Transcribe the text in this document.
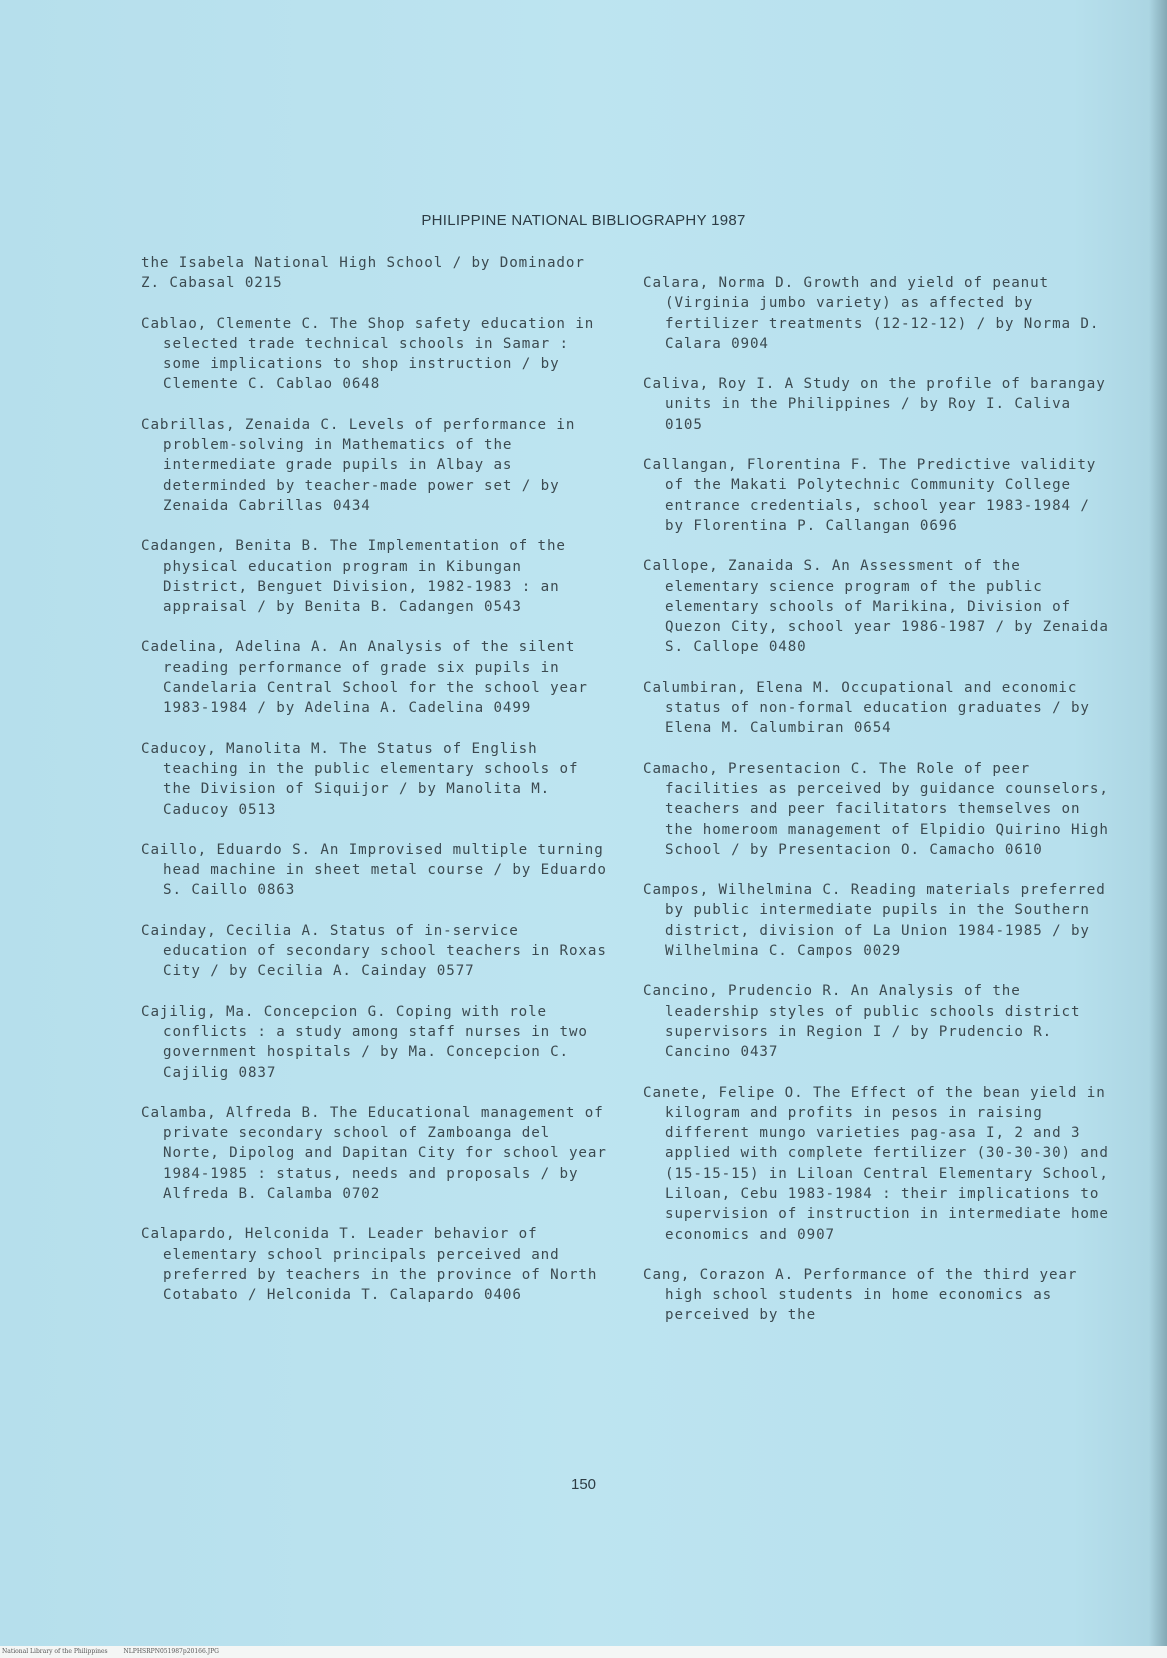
PHILIPPINE NATIONAL BIBLIOGRAPHY 1987

the Isabela National High School / by Dominador Z. Cabasal 0215

Cablao, Clemente C. The Shop safety education in selected trade technical schools in Samar : some implications to shop instruction / by Clemente C. Cablao 0648

Cabrillas, Zenaida C. Levels of performance in problem-solving in Mathematics of the intermediate grade pupils in Albay as determinded by teacher-made power set / by Zenaida Cabrillas 0434

Cadangen, Benita B. The Implementation of the physical education program in Kibungan District, Benguet Division, 1982-1983 : an appraisal / by Benita B. Cadangen 0543

Cadelina, Adelina A. An Analysis of the silent reading performance of grade six pupils in Candelaria Central School for the school year 1983-1984 / by Adelina A. Cadelina 0499

Caducoy, Manolita M. The Status of English teaching in the public elementary schools of the Division of Siquijor / by Manolita M. Caducoy 0513

Caillo, Eduardo S. An Improvised multiple turning head machine in sheet metal course / by Eduardo S. Caillo 0863

Cainday, Cecilia A. Status of in-service education of secondary school teachers in Roxas City / by Cecilia A. Cainday 0577

Cajilig, Ma. Concepcion G. Coping with role conflicts : a study among staff nurses in two government hospitals / by Ma. Concepcion C. Cajilig 0837

Calamba, Alfreda B. The Educational management of private secondary school of Zamboanga del Norte, Dipolog and Dapitan City for school year 1984-1985 : status, needs and proposals / by Alfreda B. Calamba 0702

Calapardo, Helconida T. Leader behavior of elementary school principals perceived and preferred by teachers in the province of North Cotabato / Helconida T. Calapardo 0406

Calara, Norma D. Growth and yield of peanut (Virginia jumbo variety) as affected by fertilizer treatments (12-12-12) / by Norma D. Calara 0904

Caliva, Roy I. A Study on the profile of barangay units in the Philippines / by Roy I. Caliva 0105

Callangan, Florentina F. The Predictive validity of the Makati Polytechnic Community College entrance credentials, school year 1983-1984 / by Florentina P. Callangan 0696

Callope, Zanaida S. An Assessment of the elementary science program of the public elementary schools of Marikina, Division of Quezon City, school year 1986-1987 / by Zenaida S. Callope 0480

Calumbiran, Elena M. Occupational and economic status of non-formal education graduates / by Elena M. Calumbiran 0654

Camacho, Presentacion C. The Role of peer facilities as perceived by guidance counselors, teachers and peer facilitators themselves on the homeroom management of Elpidio Quirino High School / by Presentacion O. Camacho 0610

Campos, Wilhelmina C. Reading materials preferred by public intermediate pupils in the Southern district, division of La Union 1984-1985 / by Wilhelmina C. Campos 0029

Cancino, Prudencio R. An Analysis of the leadership styles of public schools district supervisors in Region I / by Prudencio R. Cancino 0437

Canete, Felipe O. The Effect of the bean yield in kilogram and profits in pesos in raising different mungo varieties pag-asa I, 2 and 3 applied with complete fertilizer (30-30-30) and (15-15-15) in Liloan Central Elementary School, Liloan, Cebu 1983-1984 : their implications to supervision of instruction in intermediate home economics and 0907

Cang, Corazon A. Performance of the third year high school students in home economics as perceived by the

150
National Library of the Philippines	NLPHSRPN051987p20166.JPG
